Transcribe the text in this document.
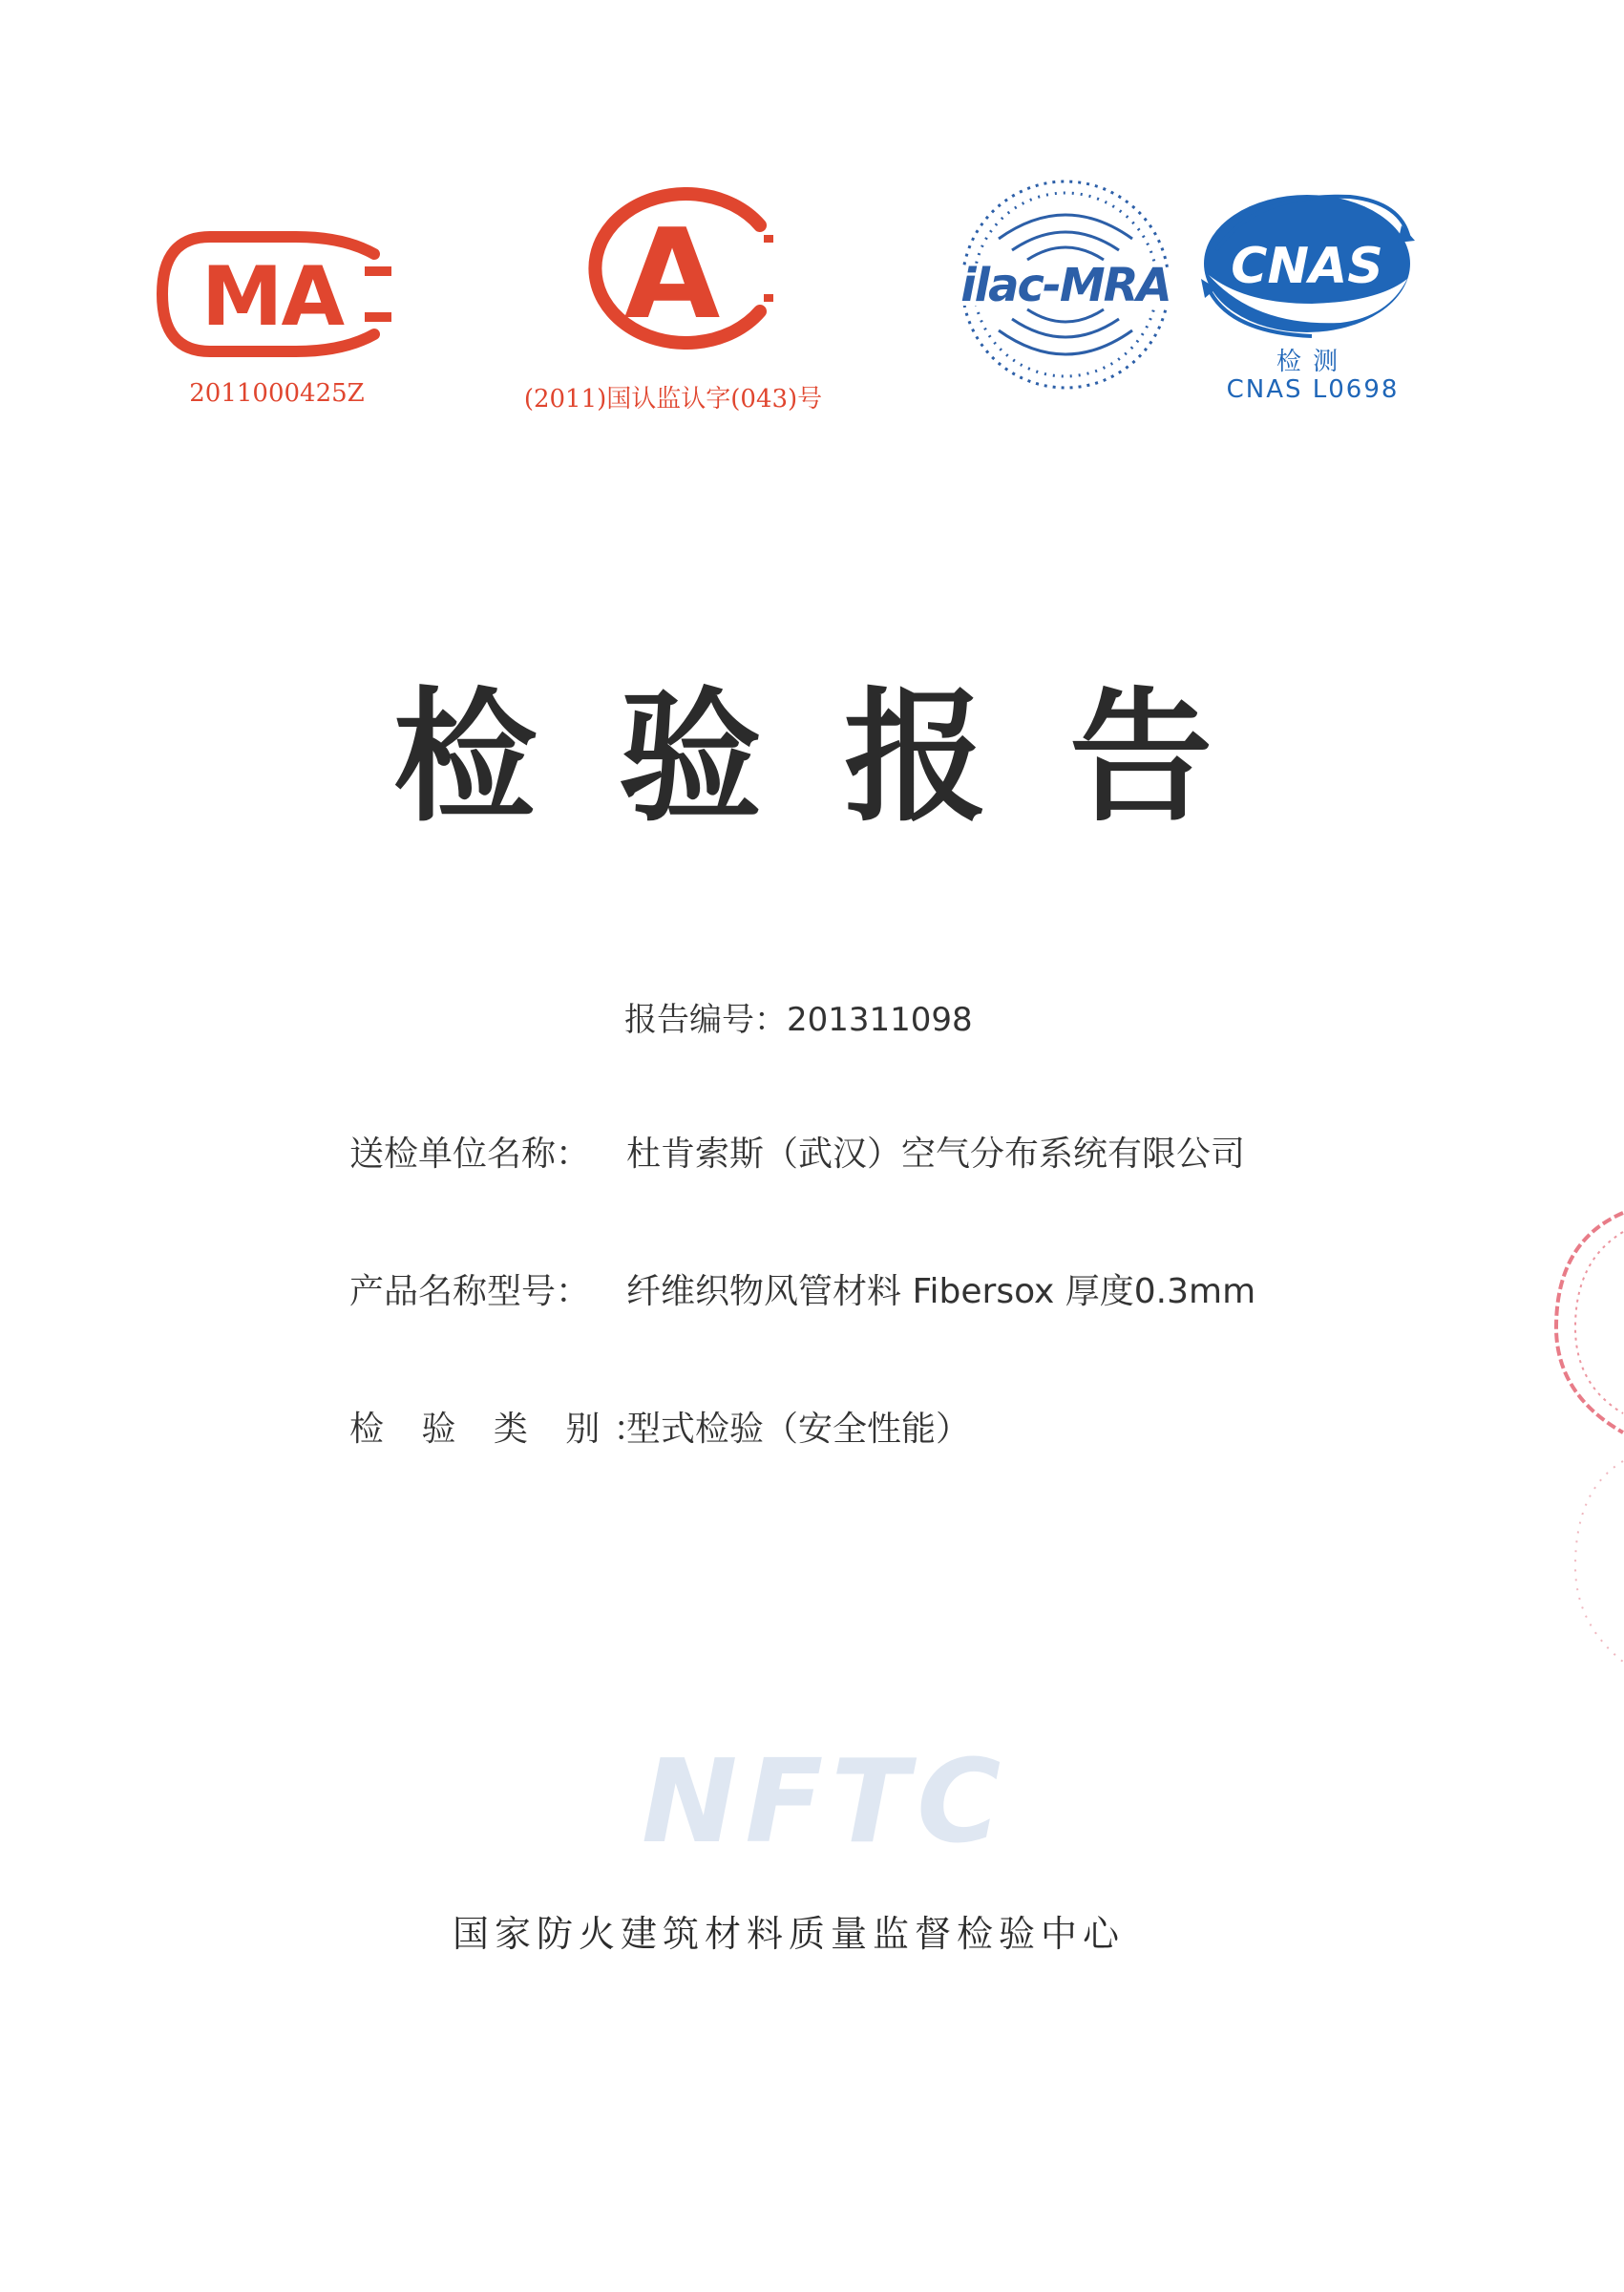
MA
2011000425Z
A
(2011)国认监认字(043)号
ilac-MRA CNAS
检 测
CNAS L0698
检 验 报 告
报告编号：201311098
送检单位名称：	杜肯索斯（武汉）空气分布系统有限公司
产品名称型号：	纤维织物风管材料 Fibersox 厚度0.3mm
检 验 类 别：
型式检验（安全性能）
NFTC
国家防火建筑材料质量监督检验中心
